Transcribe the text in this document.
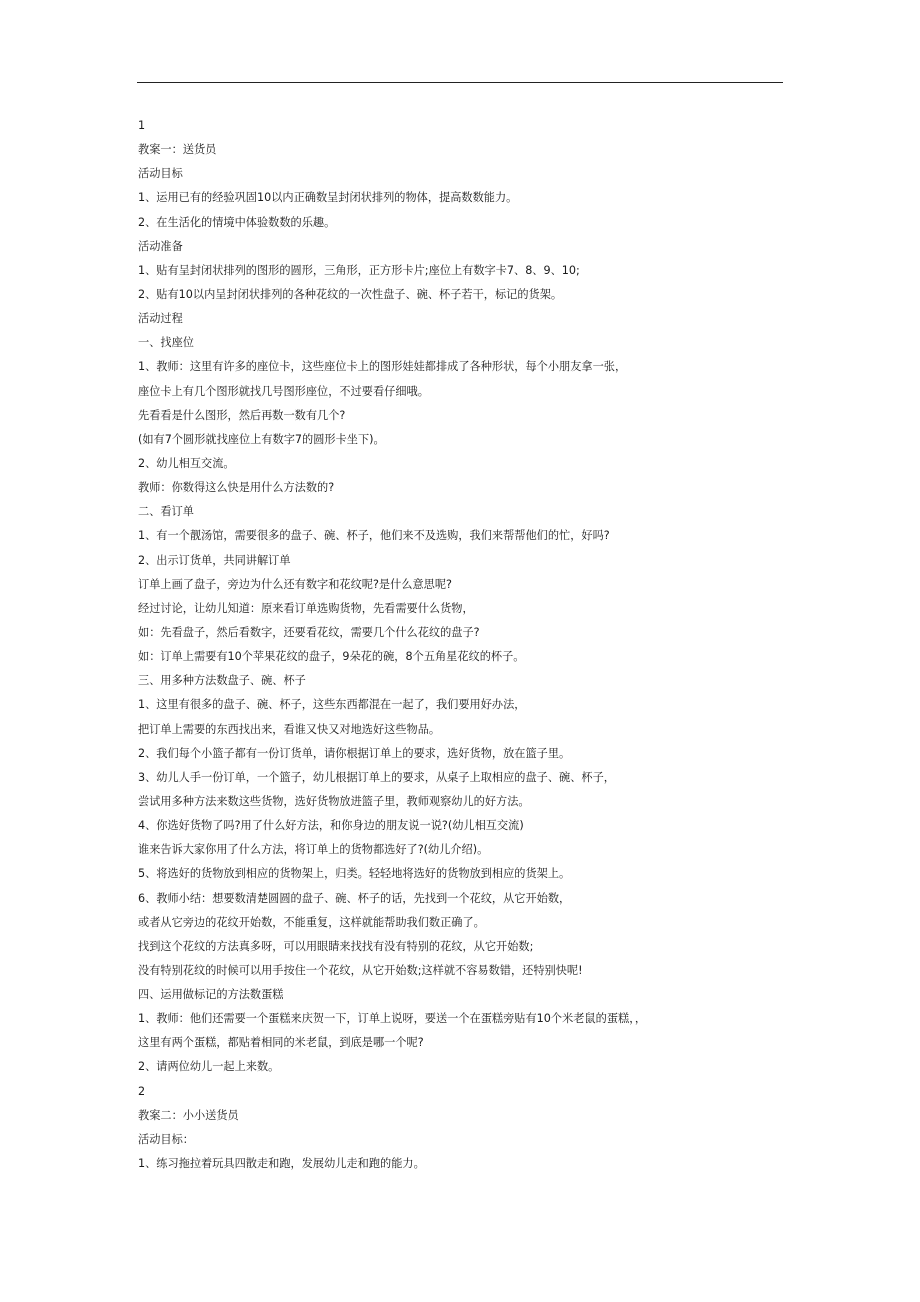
1
教案一：送货员
活动目标
1、运用已有的经验巩固10以内正确数呈封闭状排列的物体，提高数数能力。
2、在生活化的情境中体验数数的乐趣。
活动准备
1、贴有呈封闭状排列的图形的圆形，三角形，正方形卡片;座位上有数字卡7、8、9、10;
2、贴有10以内呈封闭状排列的各种花纹的一次性盘子、碗、杯子若干，标记的货架。
活动过程
一、找座位
1、教师：这里有许多的座位卡，这些座位卡上的图形娃娃都排成了各种形状，每个小朋友拿一张，
座位卡上有几个图形就找几号图形座位，不过要看仔细哦。
先看看是什么图形，然后再数一数有几个?
(如有7个圆形就找座位上有数字7的圆形卡坐下)。
2、幼儿相互交流。
教师：你数得这么快是用什么方法数的?
二、看订单
1、有一个靓汤馆，需要很多的盘子、碗、杯子，他们来不及选购，我们来帮帮他们的忙，好吗?
2、出示订货单，共同讲解订单
订单上画了盘子，旁边为什么还有数字和花纹呢?是什么意思呢?
经过讨论，让幼儿知道：原来看订单选购货物，先看需要什么货物，
如：先看盘子，然后看数字，还要看花纹，需要几个什么花纹的盘子?
如：订单上需要有10个苹果花纹的盘子，9朵花的碗，8个五角星花纹的杯子。
三、用多种方法数盘子、碗、杯子
1、这里有很多的盘子、碗、杯子，这些东西都混在一起了，我们要用好办法，
把订单上需要的东西找出来，看谁又快又对地选好这些物品。
2、我们每个小篮子都有一份订货单，请你根据订单上的要求，选好货物，放在篮子里。
3、幼儿人手一份订单，一个篮子，幼儿根据订单上的要求，从桌子上取相应的盘子、碗、杯子，
尝试用多种方法来数这些货物，选好货物放进篮子里，教师观察幼儿的好方法。
4、你选好货物了吗?用了什么好方法，和你身边的朋友说一说?(幼儿相互交流)
谁来告诉大家你用了什么方法，将订单上的货物都选好了?(幼儿介绍)。
5、将选好的货物放到相应的货物架上，归类。轻轻地将选好的货物放到相应的货架上。
6、教师小结：想要数清楚圆圆的盘子、碗、杯子的话，先找到一个花纹，从它开始数，
或者从它旁边的花纹开始数，不能重复，这样就能帮助我们数正确了。
找到这个花纹的方法真多呀，可以用眼睛来找找有没有特别的花纹，从它开始数;
没有特别花纹的时候可以用手按住一个花纹，从它开始数;这样就不容易数错，还特别快呢!
四、运用做标记的方法数蛋糕
1、教师：他们还需要一个蛋糕来庆贺一下，订单上说呀，要送一个在蛋糕旁贴有10个米老鼠的蛋糕，，
这里有两个蛋糕，都贴着相同的米老鼠，到底是哪一个呢?
2、请两位幼儿一起上来数。
2
教案二：小小送货员
活动目标：
1、练习拖拉着玩具四散走和跑，发展幼儿走和跑的能力。
